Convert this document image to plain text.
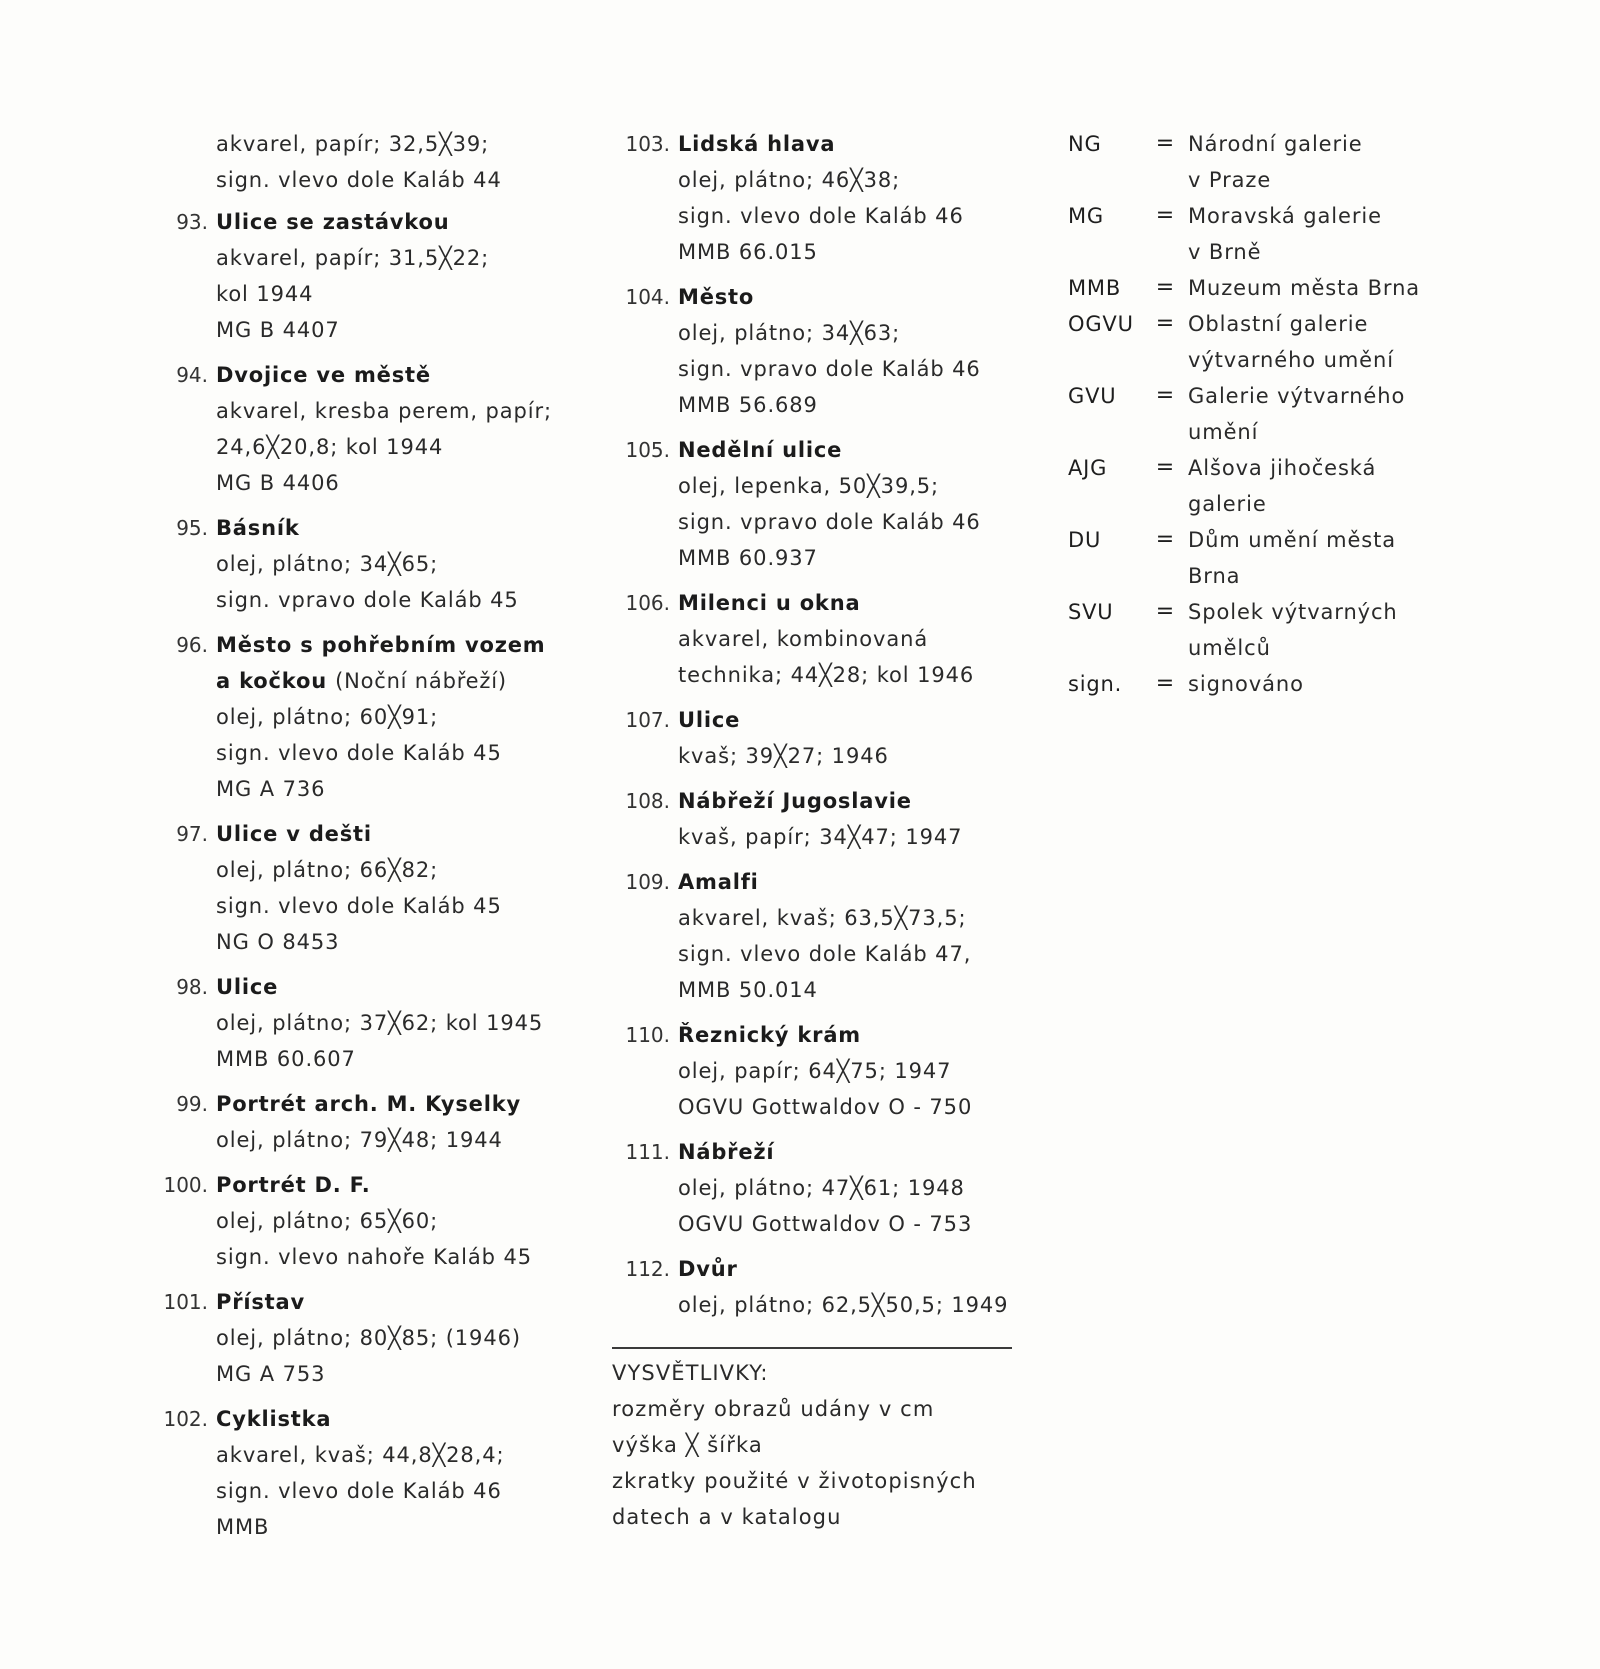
akvarel, papír; 32,5╳39;
sign. vlevo dole Kaláb 44
93. Ulice se zastávkou
akvarel, papír; 31,5╳22;
kol 1944
MG B 4407
94. Dvojice ve městě
akvarel, kresba perem, papír;
24,6╳20,8; kol 1944
MG B 4406
95. Básník
olej, plátno; 34╳65;
sign. vpravo dole Kaláb 45
96. Město s pohřebním vozem
a kočkou (Noční nábřeží)
olej, plátno; 60╳91;
sign. vlevo dole Kaláb 45
MG A 736
97. Ulice v dešti
olej, plátno; 66╳82;
sign. vlevo dole Kaláb 45
NG O 8453
98. Ulice
olej, plátno; 37╳62; kol 1945
MMB 60.607
99. Portrét arch. M. Kyselky
olej, plátno; 79╳48; 1944
100. Portrét D. F.
olej, plátno; 65╳60;
sign. vlevo nahoře Kaláb 45
101. Přístav
olej, plátno; 80╳85; (1946)
MG A 753
102. Cyklistka
akvarel, kvaš; 44,8╳28,4;
sign. vlevo dole Kaláb 46
MMB
103. Lidská hlava
olej, plátno; 46╳38;
sign. vlevo dole Kaláb 46
MMB 66.015
104. Město
olej, plátno; 34╳63;
sign. vpravo dole Kaláb 46
MMB 56.689
105. Nedělní ulice
olej, lepenka, 50╳39,5;
sign. vpravo dole Kaláb 46
MMB 60.937
106. Milenci u okna
akvarel, kombinovaná
technika; 44╳28; kol 1946
107. Ulice
kvaš; 39╳27; 1946
108. Nábřeží Jugoslavie
kvaš, papír; 34╳47; 1947
109. Amalfi
akvarel, kvaš; 63,5╳73,5;
sign. vlevo dole Kaláb 47,
MMB 50.014
110. Řeznický krám
olej, papír; 64╳75; 1947
OGVU Gottwaldov O - 750
111. Nábřeží
olej, plátno; 47╳61; 1948
OGVU Gottwaldov O - 753
112. Dvůr
olej, plátno; 62,5╳50,5; 1949
VYSVĚTLIVKY:
rozměry obrazů udány v cm
výška ╳ šířka
zkratky použité v životopisných
datech a v katalogu
NG	= Národní galerie
v Praze
MG	= Moravská galerie
v Brně
MMB	= Muzeum města Brna
OGVU	= Oblastní galerie
výtvarného umění
GVU	= Galerie výtvarného
umění
AJG	= Alšova jihočeská
galerie
DU	= Dům umění města
Brna
SVU	= Spolek výtvarných
umělců
sign.	= signováno
